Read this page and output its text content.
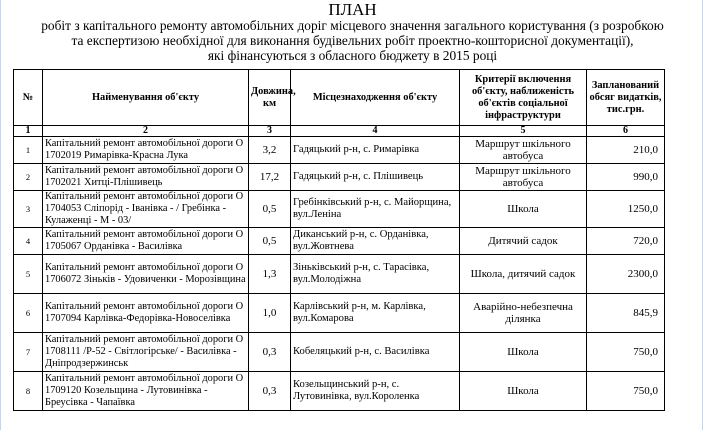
ПЛАН
робіт з капітального ремонту автомобільних доріг місцевого значення загального користування (з розробкою
та експертизою необхідної для виконання будівельних робіт проектно-кошторисної документації),
які фінансуються з обласного бюджету в 2015 році
№	Найменування об'єкту	Довжина, км	Місцезнаходження об'єкту	Критерії включення об'єкту, наближеність об'єктів соціальної інфраструктури	Запланований обсяг видатків, тис.грн.
1	2	3	4	5	6
1	Капітальний ремонт автомобільної дороги О 1702019 Римарівка-Красна Лука	3,2	Гадяцький р-н, с. Римарівка	Маршрут шкільного автобуса	210,0
2	Капітальний ремонт автомобільної дороги О 1702021 Хитці-Плішивець	17,2	Гадяцький р-н, с. Плішивець	Маршрут шкільного автобуса	990,0
3	Капітальний ремонт автомобільної дороги О 1704053 Сліпорід - Іванівка - / Гребінка - Кулаженці - М - 03/	0,5	Гребінківський р-н, с. Майорщина, вул.Леніна	Школа	1250,0
4	Капітальний ремонт автомобільної дороги О 1705067 Орданівка - Василівка	0,5	Диканський р-н, с. Орданівка, вул.Жовтнева	Дитячий садок	720,0
5	Капітальний ремонт автомобільної дороги О 1706072 Зіньків - Удовиченки - Морозівщина	1,3	Зіньківський р-н, с. Тарасівка, вул.Молодіжна	Школа, дитячий садок	2300,0
6	Капітальний ремонт автомобільної дороги О 1707094 Карлівка-Федорівка-Новоселівка	1,0	Карлівський р-н, м. Карлівка, вул.Комарова	Аварійно-небезпечна ділянка	845,9
7	Капітальний ремонт автомобільної дороги О 1708111 /Р-52 - Світлогірське/ - Василівка - Дніпродзержинськ	0,3	Кобеляцький р-н, с. Василівка	Школа	750,0
8	Капітальний ремонт автомобільної дороги О 1709120 Козельщина - Лутовинівка - Бреусівка - Чапаївка	0,3	Козельщинський р-н, с. Лутовинівка, вул.Короленка	Школа	750,0
